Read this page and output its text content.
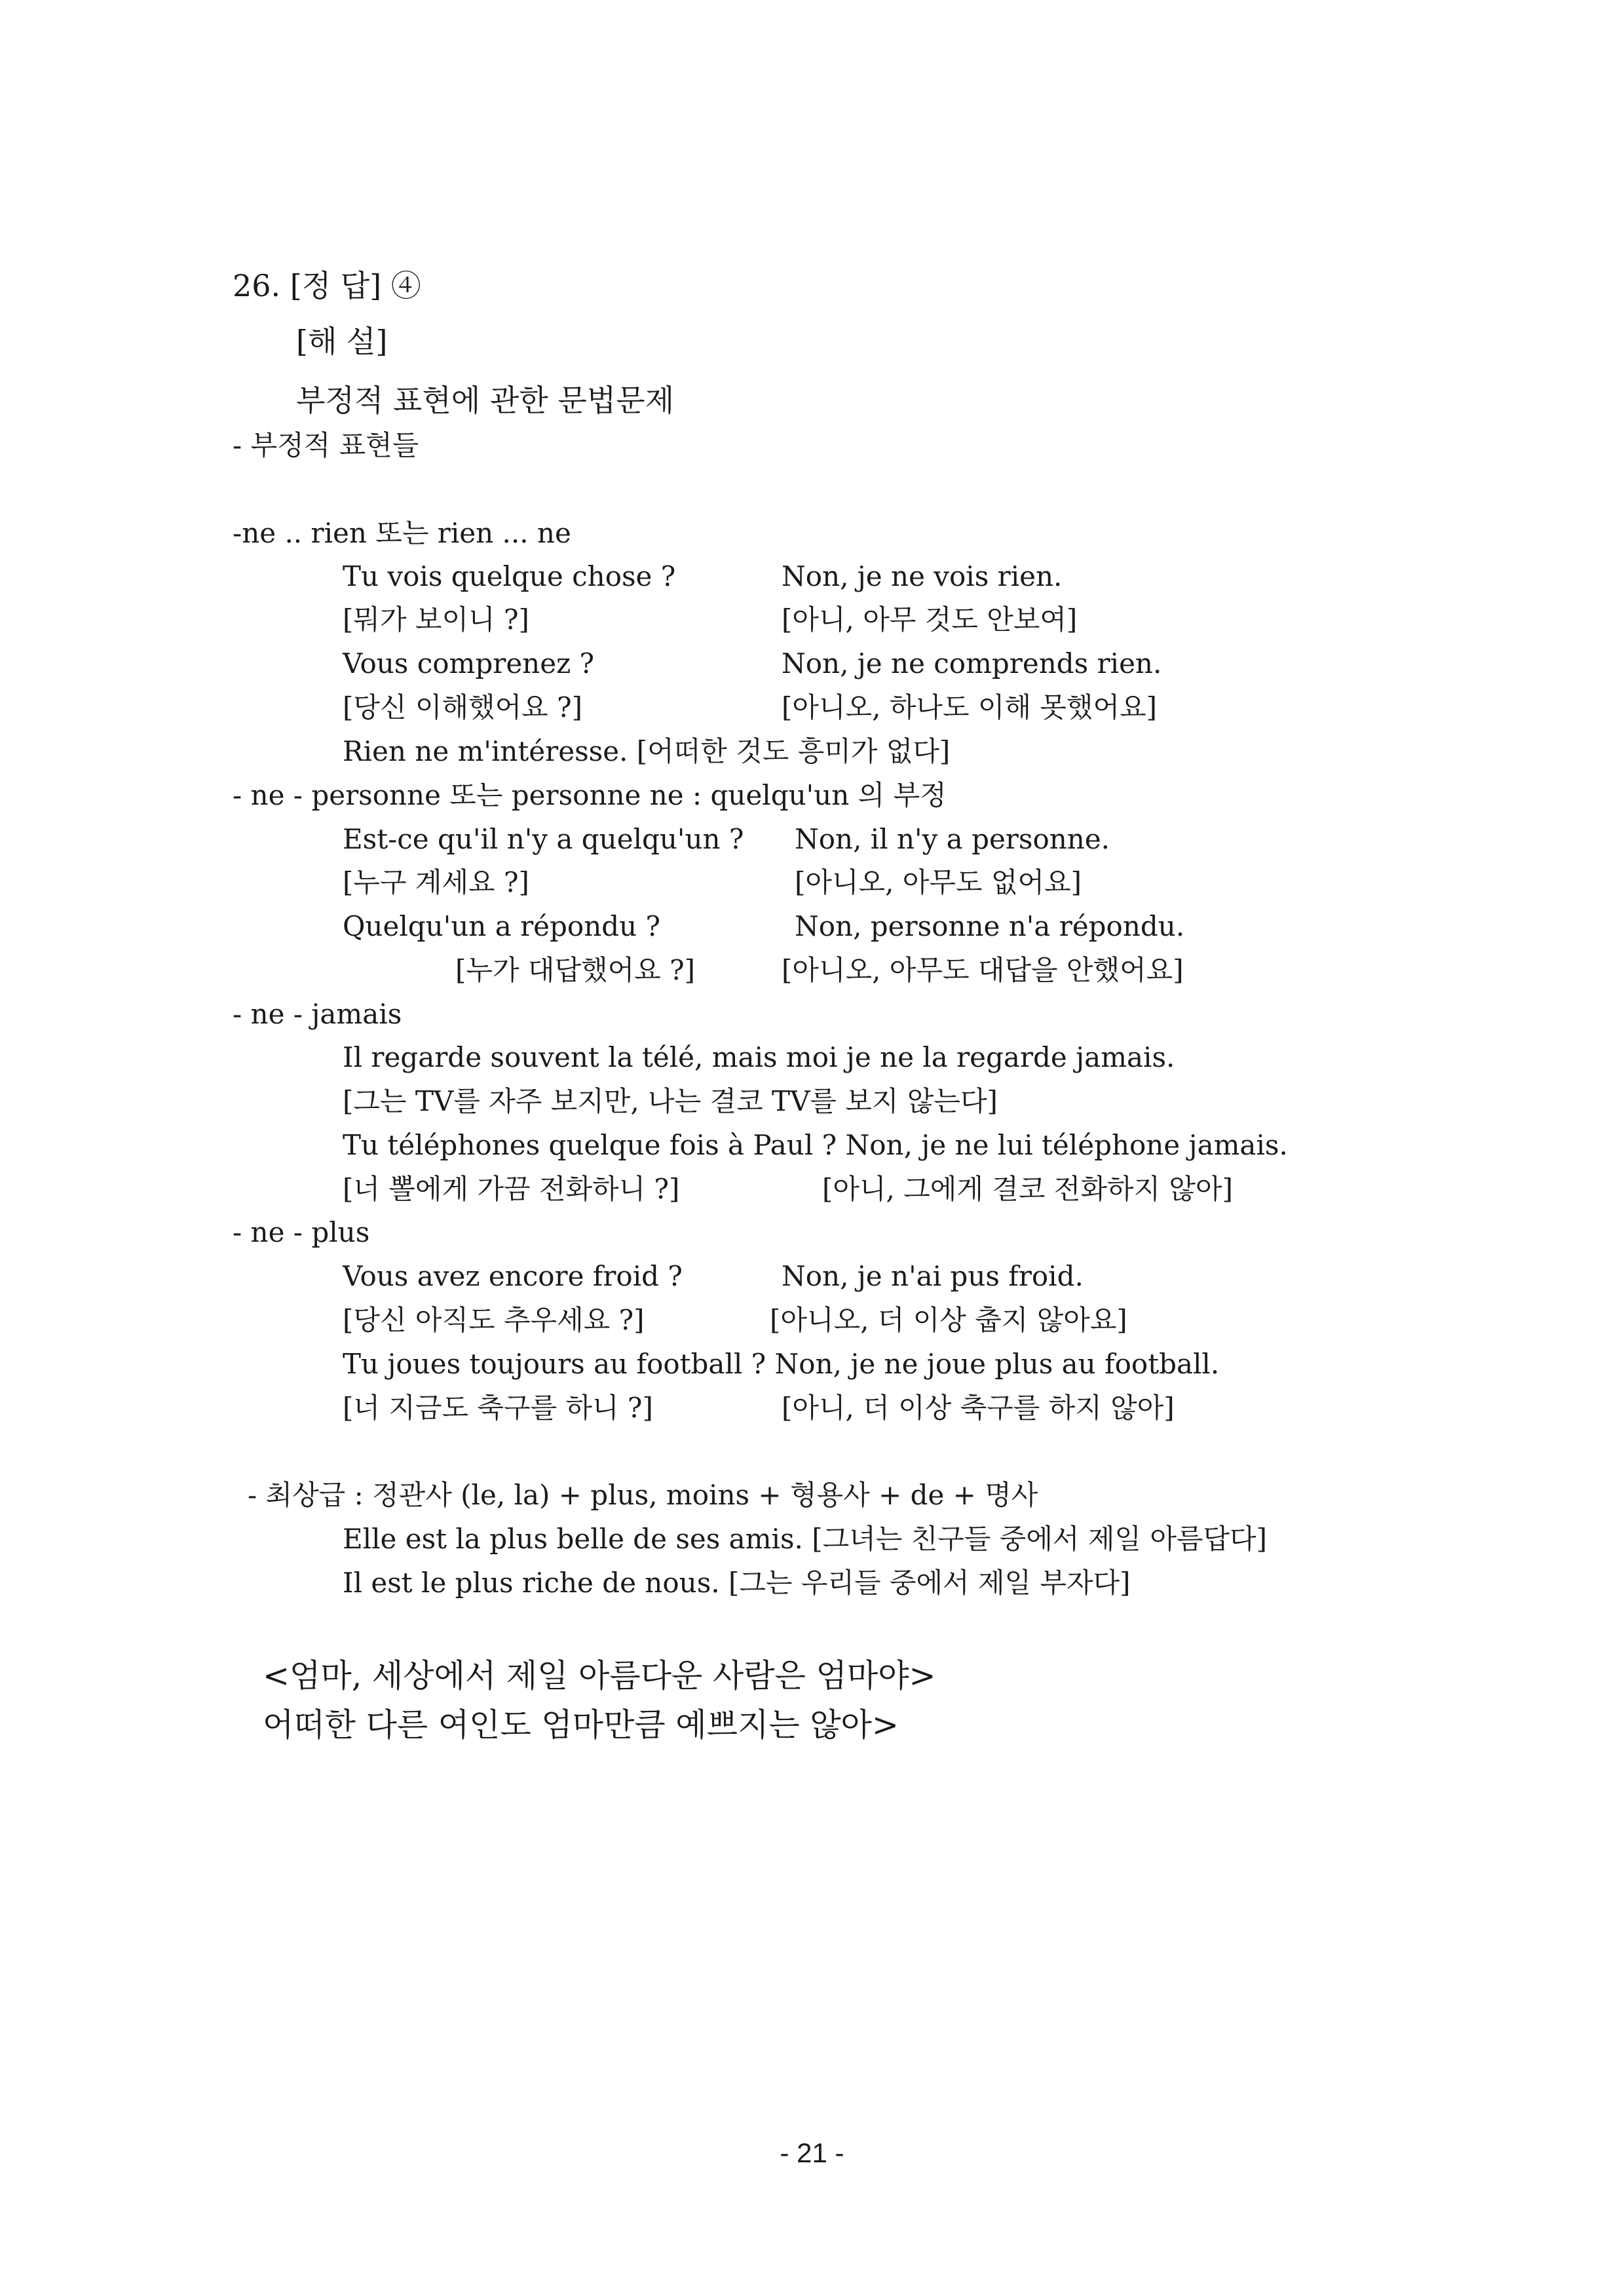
26. [정 답] ④
[해 설]
부정적 표현에 관한 문법문제
- 부정적 표현들
-ne .. rien 또는 rien ... ne
Tu vois quelque chose ?	Non, je ne vois rien.
[뭐가 보이니 ?]	[아니, 아무 것도 안보여]
Vous comprenez ?	Non, je ne comprends rien.
[당신 이해했어요 ?]	[아니오, 하나도 이해 못했어요]
Rien ne m'intéresse. [어떠한 것도 흥미가 없다]
- ne - personne 또는 personne ne : quelqu'un 의 부정
Est-ce qu'il n'y a quelqu'un ? Non, il n'y a personne.
[누구 계세요 ?]	[아니오, 아무도 없어요]
Quelqu'un a répondu ?	Non, personne n'a répondu.
[누가 대답했어요 ?]	[아니오, 아무도 대답을 안했어요]
- ne - jamais
Il regarde souvent la télé, mais moi je ne la regarde jamais.
[그는 TV를 자주 보지만, 나는 결코 TV를 보지 않는다]
Tu téléphones quelque fois à Paul ? Non, je ne lui téléphone jamais.
[너 뽈에게 가끔 전화하니 ?]	[아니, 그에게 결코 전화하지 않아]
- ne - plus
Vous avez encore froid ?	Non, je n'ai pus froid.
[당신 아직도 추우세요 ?]	[아니오, 더 이상 춥지 않아요]
Tu joues toujours au football ? Non, je ne joue plus au football.
[너 지금도 축구를 하니 ?]	[아니, 더 이상 축구를 하지 않아]
- 최상급 : 정관사 (le, la) + plus, moins + 형용사 + de + 명사
Elle est la plus belle de ses amis. [그녀는 친구들 중에서 제일 아름답다]
Il est le plus riche de nous. [그는 우리들 중에서 제일 부자다]
<엄마, 세상에서 제일 아름다운 사람은 엄마야>
어떠한 다른 여인도 엄마만큼 예쁘지는 않아>
- 21 -
